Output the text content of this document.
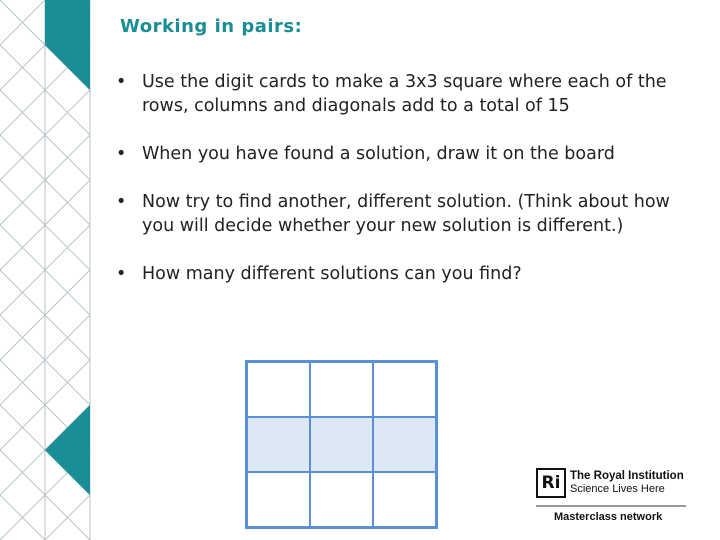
Working in pairs:
• Use the digit cards to make a 3x3 square where each of the rows, columns and diagonals add to a total of 15
• When you have found a solution, draw it on the board
• Now try to find another, different solution. (Think about how you will decide whether your new solution is different.)
• How many different solutions can you find?
Ri The Royal Institution
Science Lives Here
Masterclass network
